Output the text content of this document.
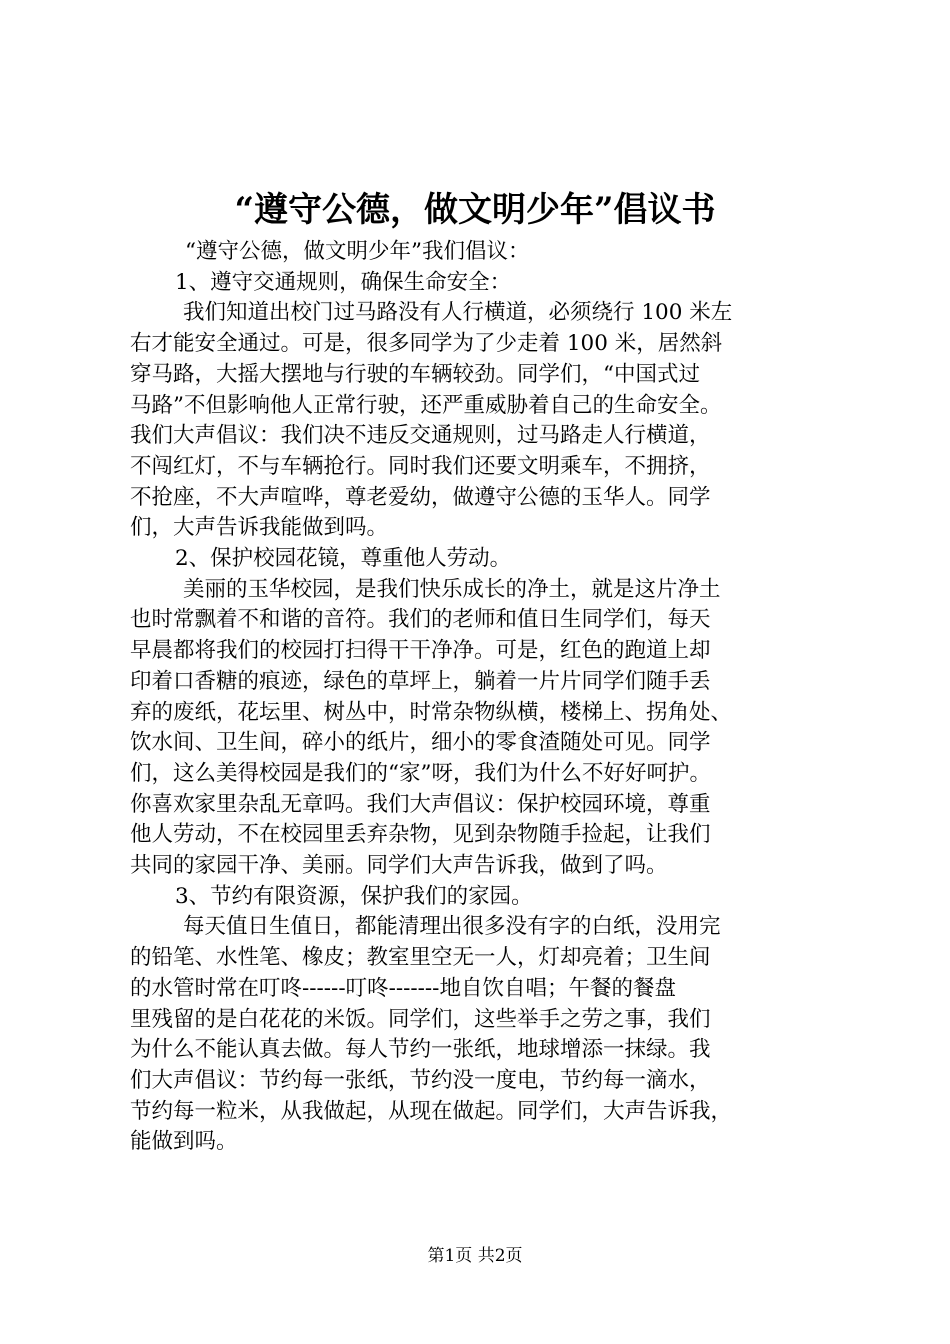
“遵守公德，做文明少年”倡议书

“遵守公德，做文明少年”我们倡议：

1、遵守交通规则，确保生命安全：

我们知道出校门过马路没有人行横道，必须绕行 100 米左

右才能安全通过。可是，很多同学为了少走着 100 米，居然斜

穿马路，大摇大摆地与行驶的车辆较劲。同学们，“中国式过

马路”不但影响他人正常行驶，还严重威胁着自己的生命安全。

我们大声倡议：我们决不违反交通规则，过马路走人行横道，

不闯红灯，不与车辆抢行。同时我们还要文明乘车，不拥挤，

不抢座，不大声喧哗，尊老爱幼，做遵守公德的玉华人。同学

们，大声告诉我能做到吗。

2、保护校园花镜，尊重他人劳动。

美丽的玉华校园，是我们快乐成长的净土，就是这片净土

也时常飘着不和谐的音符。我们的老师和值日生同学们，每天

早晨都将我们的校园打扫得干干净净。可是，红色的跑道上却

印着口香糖的痕迹，绿色的草坪上，躺着一片片同学们随手丢

弃的废纸，花坛里、树丛中，时常杂物纵横，楼梯上、拐角处、

饮水间、卫生间，碎小的纸片，细小的零食渣随处可见。同学

们，这么美得校园是我们的“家”呀，我们为什么不好好呵护。

你喜欢家里杂乱无章吗。我们大声倡议：保护校园环境，尊重

他人劳动，不在校园里丢弃杂物，见到杂物随手捡起，让我们

共同的家园干净、美丽。同学们大声告诉我，做到了吗。

3、节约有限资源，保护我们的家园。

每天值日生值日，都能清理出很多没有字的白纸，没用完

的铅笔、水性笔、橡皮；教室里空无一人，灯却亮着；卫生间

的水管时常在叮咚------叮咚-------地自饮自唱；午餐的餐盘

里残留的是白花花的米饭。同学们，这些举手之劳之事，我们

为什么不能认真去做。每人节约一张纸，地球增添一抹绿。我

们大声倡议：节约每一张纸，节约没一度电，节约每一滴水，

节约每一粒米，从我做起，从现在做起。同学们，大声告诉我，

能做到吗。

第1页 共2页
